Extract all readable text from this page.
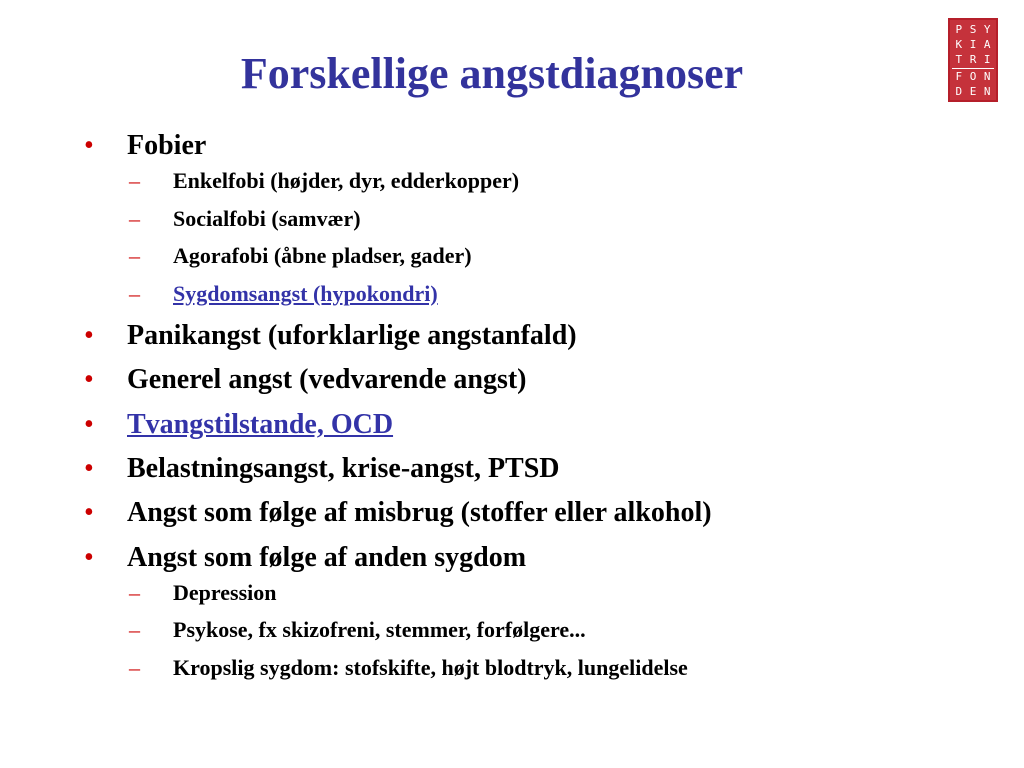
Forskellige angstdiagnoser
P S Y
K I A
T R I
F O N
D E N
• Fobier
– Enkelfobi (højder, dyr, edderkopper)
– Socialfobi (samvær)
– Agorafobi (åbne pladser, gader)
– Sygdomsangst (hypokondri)
• Panikangst (uforklarlige angstanfald)
• Generel angst (vedvarende angst)
• Tvangstilstande, OCD
• Belastningsangst, krise-angst, PTSD
• Angst som følge af misbrug (stoffer eller alkohol)
• Angst som følge af anden sygdom
– Depression
– Psykose, fx skizofreni, stemmer, forfølgere...
– Kropslig sygdom: stofskifte, højt blodtryk, lungelidelse
